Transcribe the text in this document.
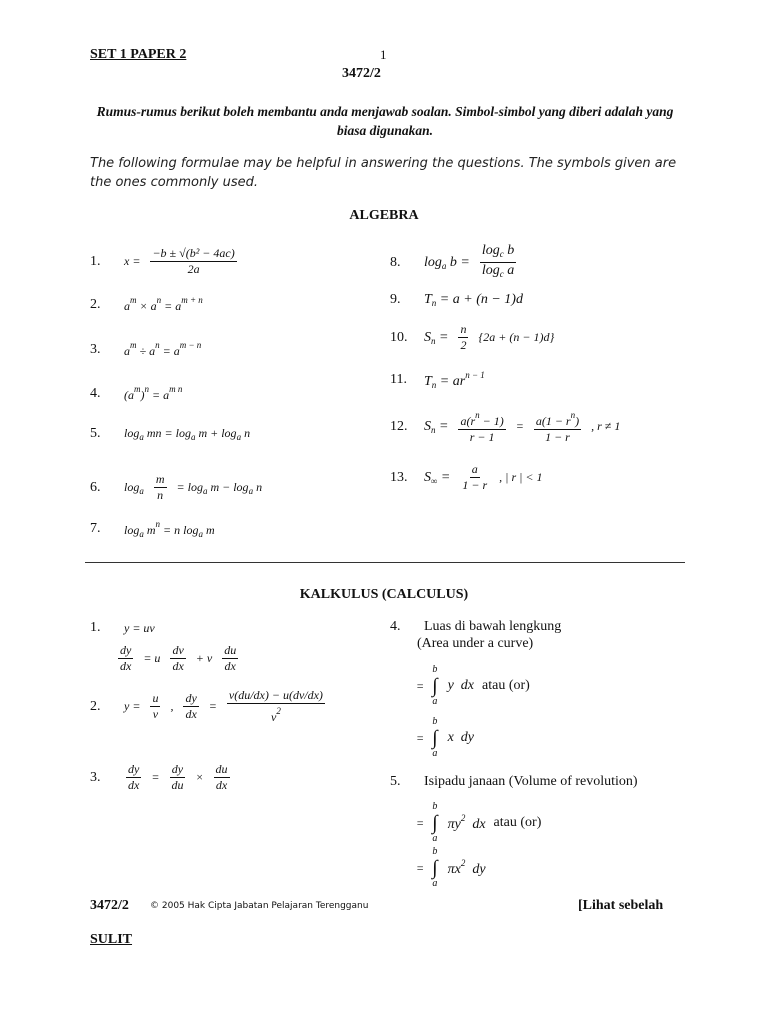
SET 1 PAPER 2	1
3472/2
Rumus-rumus berikut boleh membantu anda menjawab soalan. Simbol-simbol yang diberi adalah yang biasa digunakan.
The following formulae may be helpful in answering the questions. The symbols given are the ones commonly used.
ALGEBRA
1.	$x = \frac{\text{−b ± √(b² − 4ac)}}{2a}$
2.	$a^m \times a^n = a^{m + n}$
3.	$a^m \div a^n = a^{m - n}$
4.	$(a^m)^n = a^{m n}$
5.	$\log_a$ mn = $\log_a m + \log_a n$
6.	$\log_a \frac{m}{n} = \log_a m - \log_a n$
7.	$\log_a m^n = n$ $\log_a m$
8.	$\log_a b = \frac{\log_c b}{\log_c a}$
9.	$T_n = a + (n - 1)d$
10.	$S_n = \frac{n}{2} \{2a + (n - 1)d\}$
11.	$T_n = ar^{n - 1}$
12.	$S_n = \frac{a(r^n - 1)}{r - 1} = \frac{a(1 - r^n)}{1 - r}$ , r ≠ 1
13.	$S_\infty = \frac{a}{1 - r}$ , | r | < 1
KALKULUS (CALCULUS)
1.	y = uv
$\frac{dy}{dx} = u \frac{dv}{dx} + v \frac{du}{dx}$
2.	$y = \frac{u}{v}$ , $\frac{dy}{dx} = \frac{v(du/dx) - u(dv/dx)}{v^2}$
3.	$\frac{dy}{dx} = \frac{dy}{du} \times \frac{du}{dx}$
4.	Luas di bawah lengkung
(Area under a curve)
=
b
∫
a
y  dx atau (or)
=
b
∫
a
x  dy
5.	Isipadu janaan (Volume of revolution)
=
b
∫
a
$\pi y^2$  dx atau (or)
=
b
∫
a
$\pi x^2$  dy
3472/2 © 2005 Hak Cipta Jabatan Pelajaran Terengganu	[Lihat sebelah
SULIT
